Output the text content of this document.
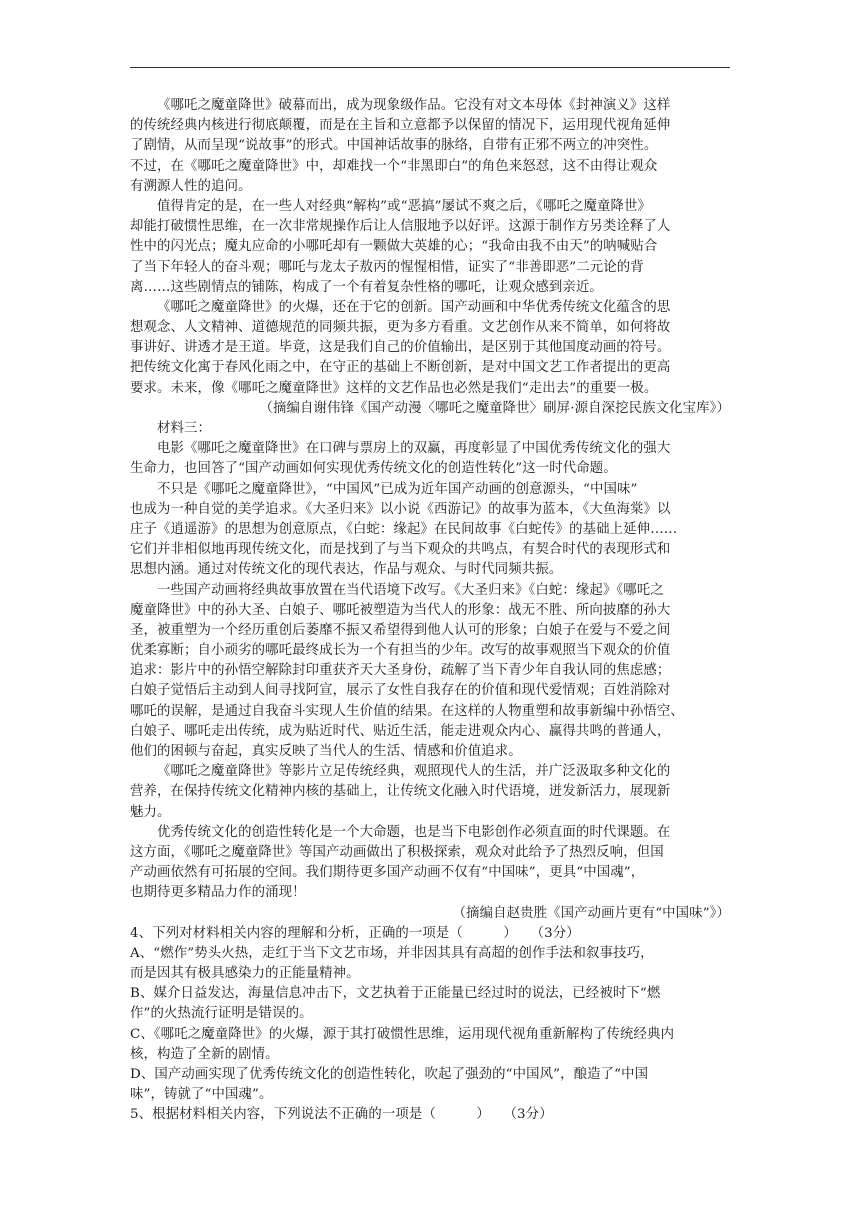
《哪吒之魔童降世》破幕而出，成为现象级作品。它没有对文本母体《封神演义》这样
的传统经典内核进行彻底颠覆，而是在主旨和立意都予以保留的情况下，运用现代视角延伸
了剧情，从而呈现“说故事”的形式。中国神话故事的脉络，自带有正邪不两立的冲突性。
不过，在《哪吒之魔童降世》中，却难找一个“非黑即白”的角色来怒怼，这不由得让观众
有溯源人性的追问。
值得肯定的是，在一些人对经典“解构”或“恶搞”屡试不爽之后，《哪吒之魔童降世》
却能打破惯性思维，在一次非常规操作后让人信服地予以好评。这源于制作方另类诠释了人
性中的闪光点；魔丸应命的小哪吒却有一颗做大英雄的心；“我命由我不由天”的呐喊贴合
了当下年轻人的奋斗观；哪吒与龙太子敖丙的惺惺相惜，证实了“非善即恶”二元论的背
离……这些剧情点的铺陈，构成了一个有着复杂性格的哪吒，让观众感到亲近。
《哪吒之魔童降世》的火爆，还在于它的创新。国产动画和中华优秀传统文化蕴含的思
想观念、人文精神、道德规范的同频共振，更为多方看重。文艺创作从来不简单，如何将故
事讲好、讲透才是王道。毕竟，这是我们自己的价值输出，是区别于其他国度动画的符号。
把传统文化寓于春风化雨之中，在守正的基础上不断创新，是对中国文艺工作者提出的更高
要求。未来，像《哪吒之魔童降世》这样的文艺作品也必然是我们“走出去”的重要一极。
（摘编自谢伟锋《国产动漫〈哪吒之魔童降世〉刷屏·源自深挖民族文化宝库》）
材料三：
电影《哪吒之魔童降世》在口碑与票房上的双赢，再度彰显了中国优秀传统文化的强大
生命力，也回答了“国产动画如何实现优秀传统文化的创造性转化”这一时代命题。
不只是《哪吒之魔童降世》，“中国风”已成为近年国产动画的创意源头，“中国味”
也成为一种自觉的美学追求。《大圣归来》以小说《西游记》的故事为蓝本，《大鱼海棠》以
庄子《逍遥游》的思想为创意原点，《白蛇：缘起》在民间故事《白蛇传》的基础上延伸……
它们并非相似地再现传统文化，而是找到了与当下观众的共鸣点，有契合时代的表现形式和
思想内涵。通过对传统文化的现代表达，作品与观众、与时代同频共振。
一些国产动画将经典故事放置在当代语境下改写。《大圣归来》《白蛇：缘起》《哪吒之
魔童降世》中的孙大圣、白娘子、哪吒被塑造为当代人的形象：战无不胜、所向披靡的孙大
圣，被重塑为一个经历重创后萎靡不振又希望得到他人认可的形象；白娘子在爱与不爱之间
优柔寡断；自小顽劣的哪吒最终成长为一个有担当的少年。改写的故事观照当下观众的价值
追求：影片中的孙悟空解除封印重获齐天大圣身份，疏解了当下青少年自我认同的焦虑感；
白娘子觉悟后主动到人间寻找阿宣，展示了女性自我存在的价值和现代爱情观；百姓消除对
哪吒的误解，是通过自我奋斗实现人生价值的结果。在这样的人物重塑和故事新编中孙悟空、
白娘子、哪吒走出传统，成为贴近时代、贴近生活，能走进观众内心、赢得共鸣的普通人，
他们的困顿与奋起，真实反映了当代人的生活、情感和价值追求。
《哪吒之魔童降世》等影片立足传统经典，观照现代人的生活，并广泛汲取多种文化的
营养，在保持传统文化精神内核的基础上，让传统文化融入时代语境，迸发新活力，展现新
魅力。
优秀传统文化的创造性转化是一个大命题，也是当下电影创作必须直面的时代课题。在
这方面，《哪吒之魔童降世》等国产动画做出了积极探索，观众对此给予了热烈反响，但国
产动画依然有可拓展的空间。我们期待更多国产动画不仅有“中国味”，更具“中国魂”，
也期待更多精品力作的涌现！
（摘编自赵贵胜《国产动画片更有“中国味”》）
4、下列对材料相关内容的理解和分析，正确的一项是（　　　）　　（3分）
A、“燃作”势头火热，走红于当下文艺市场，并非因其具有高超的创作手法和叙事技巧，
而是因其有极具感染力的正能量精神。
B、媒介日益发达，海量信息冲击下，文艺执着于正能量已经过时的说法，已经被时下“燃
作”的火热流行证明是错误的。
C、《哪吒之魔童降世》的火爆，源于其打破惯性思维，运用现代视角重新解构了传统经典内
核，构造了全新的剧情。
D、国产动画实现了优秀传统文化的创造性转化，吹起了强劲的“中国风”，酿造了“中国
味”，铸就了“中国魂”。
5、根据材料相关内容，下列说法不正确的一项是（　　　）　　（3分）
